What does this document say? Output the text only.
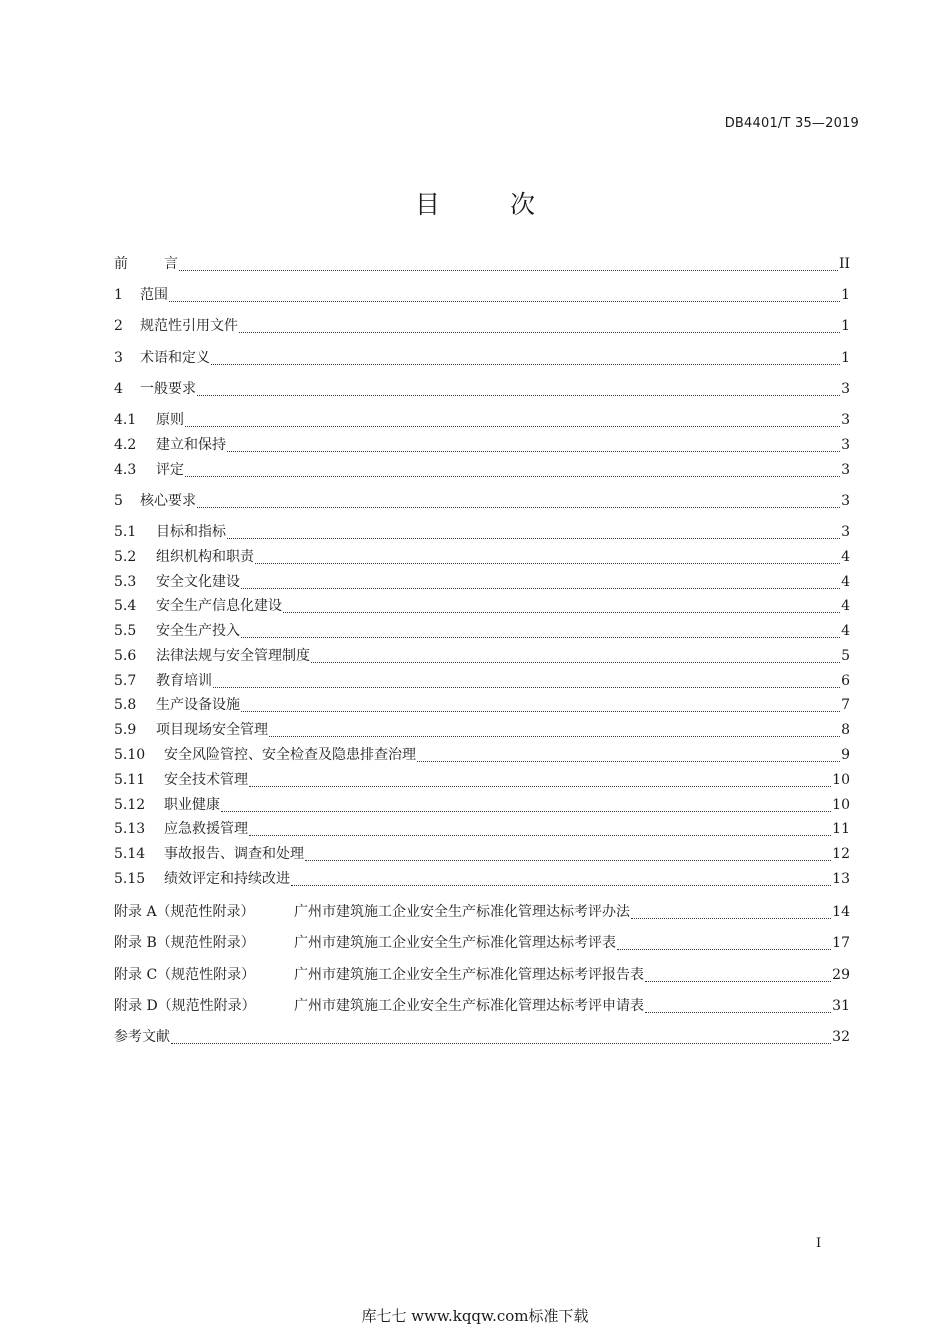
DB4401/T 35—2019
目	次
前	言	II
1	范围	1
2	规范性引用文件	1
3	术语和定义	1
4	一般要求	3
4.1	原则	3
4.2	建立和保持	3
4.3	评定	3
5	核心要求	3
5.1	目标和指标	3
5.2	组织机构和职责	4
5.3	安全文化建设	4
5.4	安全生产信息化建设	4
5.5	安全生产投入	4
5.6	法律法规与安全管理制度	5
5.7	教育培训	6
5.8	生产设备设施	7
5.9	项目现场安全管理	8
5.10	安全风险管控、安全检查及隐患排查治理	9
5.11	安全技术管理	10
5.12	职业健康	10
5.13	应急救援管理	11
5.14	事故报告、调查和处理	12
5.15	绩效评定和持续改进	13
附录 A（规范性附录）	广州市建筑施工企业安全生产标准化管理达标考评办法	14
附录 B（规范性附录）	广州市建筑施工企业安全生产标准化管理达标考评表	17
附录 C（规范性附录）	广州市建筑施工企业安全生产标准化管理达标考评报告表	29
附录 D（规范性附录）	广州市建筑施工企业安全生产标准化管理达标考评申请表	31
参考文献	32
I
库七七 www.kqqw.com标准下载
